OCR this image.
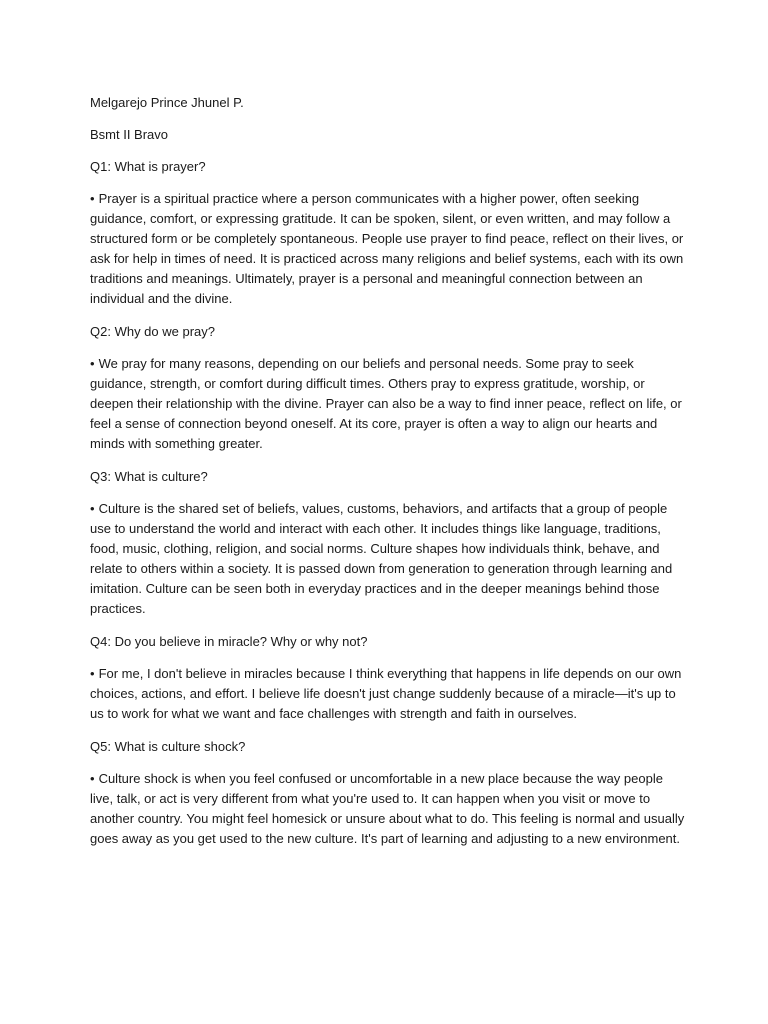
Melgarejo Prince Jhunel P.

Bsmt II Bravo

Q1: What is prayer?

• Prayer is a spiritual practice where a person communicates with a higher power, often seeking guidance, comfort, or expressing gratitude. It can be spoken, silent, or even written, and may follow a structured form or be completely spontaneous. People use prayer to find peace, reflect on their lives, or ask for help in times of need. It is practiced across many religions and belief systems, each with its own traditions and meanings. Ultimately, prayer is a personal and meaningful connection between an individual and the divine.

Q2: Why do we pray?

• We pray for many reasons, depending on our beliefs and personal needs. Some pray to seek guidance, strength, or comfort during difficult times. Others pray to express gratitude, worship, or deepen their relationship with the divine. Prayer can also be a way to find inner peace, reflect on life, or feel a sense of connection beyond oneself. At its core, prayer is often a way to align our hearts and minds with something greater.

Q3: What is culture?

• Culture is the shared set of beliefs, values, customs, behaviors, and artifacts that a group of people use to understand the world and interact with each other. It includes things like language, traditions, food, music, clothing, religion, and social norms. Culture shapes how individuals think, behave, and relate to others within a society. It is passed down from generation to generation through learning and imitation. Culture can be seen both in everyday practices and in the deeper meanings behind those practices.

Q4: Do you believe in miracle? Why or why not?

• For me, I don't believe in miracles because I think everything that happens in life depends on our own choices, actions, and effort. I believe life doesn't just change suddenly because of a miracle—it's up to us to work for what we want and face challenges with strength and faith in ourselves.

Q5: What is culture shock?

• Culture shock is when you feel confused or uncomfortable in a new place because the way people live, talk, or act is very different from what you're used to. It can happen when you visit or move to another country. You might feel homesick or unsure about what to do. This feeling is normal and usually goes away as you get used to the new culture. It's part of learning and adjusting to a new environment.
